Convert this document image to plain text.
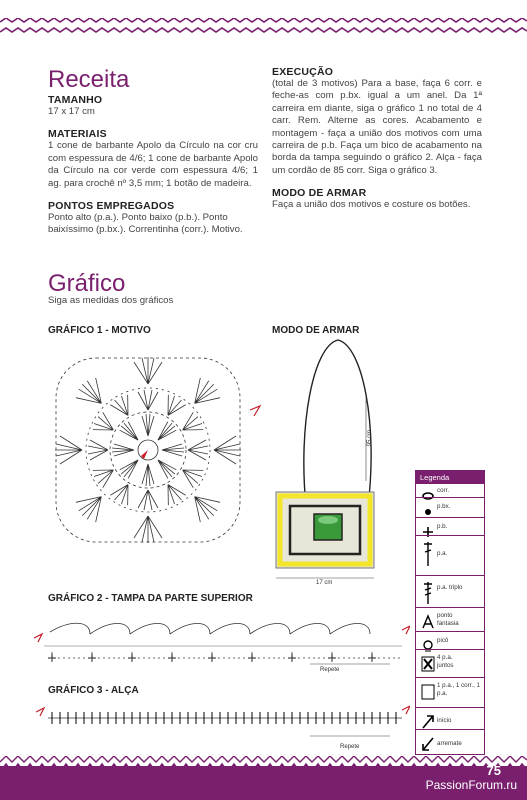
Receita
TAMANHO
17 x 17 cm
MATERIAIS
1 cone de barbante Apolo da Círculo na cor cru com espessura de 4/6; 1 cone de barbante Apolo da Círculo na cor verde com espessura 4/6; 1 ag. para crochê nº 3,5 mm; 1 botão de madeira.
PONTOS EMPREGADOS
Ponto alto (p.a.). Ponto baixo (p.b.). Ponto baixíssimo (p.bx.). Correntinha (corr.). Motivo.
EXECUÇÃO
(total de 3 motivos) Para a base, faça 6 corr. e feche-as com p.bx. igual a um anel. Da 1ª carreira em diante, siga o gráfico 1 no total de 4 carr. Rem. Alterne as cores. Acabamento e montagem - faça a união dos motivos com uma carreira de p.b. Faça um bico de acabamento na borda da tampa seguindo o gráfico 2. Alça - faça um cordão de 85 corr. Siga o gráfico 3.
MODO DE ARMAR
Faça a união dos motivos e costure os botões.
Gráfico
Siga as medidas dos gráficos
GRÁFICO 1 - MOTIVO	MODO DE ARMAR
95 cm
17 cm
Legenda
corr.
p.bx.
p.b.
p.a.
p.a. triplo
ponto fantasia
picô
4 p.a. juntos
1 p.a., 1 corr., 1 p.a.
início
arremate
GRÁFICO 2 - TAMPA DA PARTE SUPERIOR
Repete
GRÁFICO 3 - ALÇA
Repete
75
PassionForum.ru
